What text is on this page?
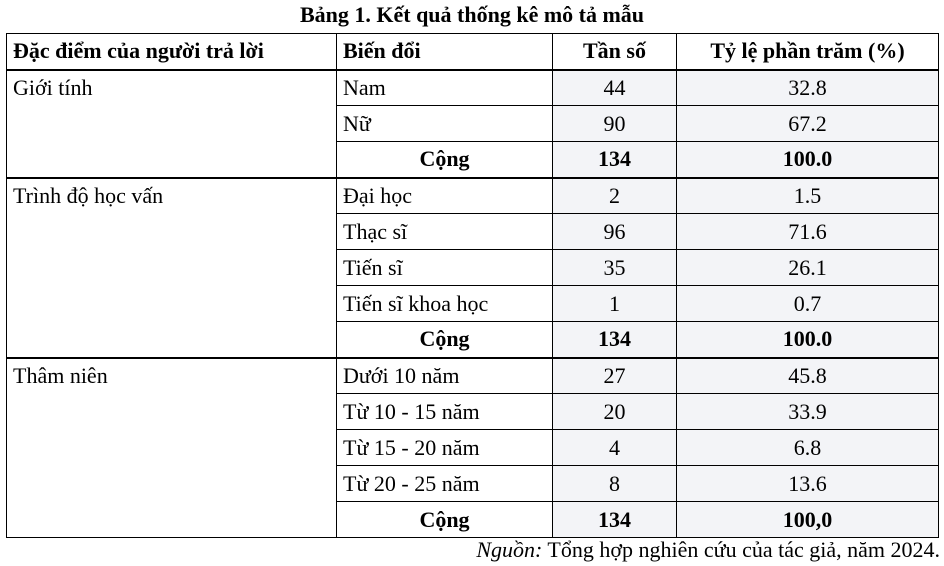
Bảng 1. Kết quả thống kê mô tả mẫu
Đặc điểm của người trả lời	Biến đổi	Tần số	Tỷ lệ phần trăm (%)
Giới tính	Nam	44	32.8
	Nữ	90	67.2
	Cộng	134	100.0
Trình độ học vấn	Đại học	2	1.5
	Thạc sĩ	96	71.6
	Tiến sĩ	35	26.1
	Tiến sĩ khoa học	1	0.7
	Cộng	134	100.0
Thâm niên	Dưới 10 năm	27	45.8
	Từ 10 - 15 năm	20	33.9
	Từ 15 - 20 năm	4	6.8
	Từ 20 - 25 năm	8	13.6
	Cộng	134	100,0
Nguồn: Tổng hợp nghiên cứu của tác giả, năm 2024.
